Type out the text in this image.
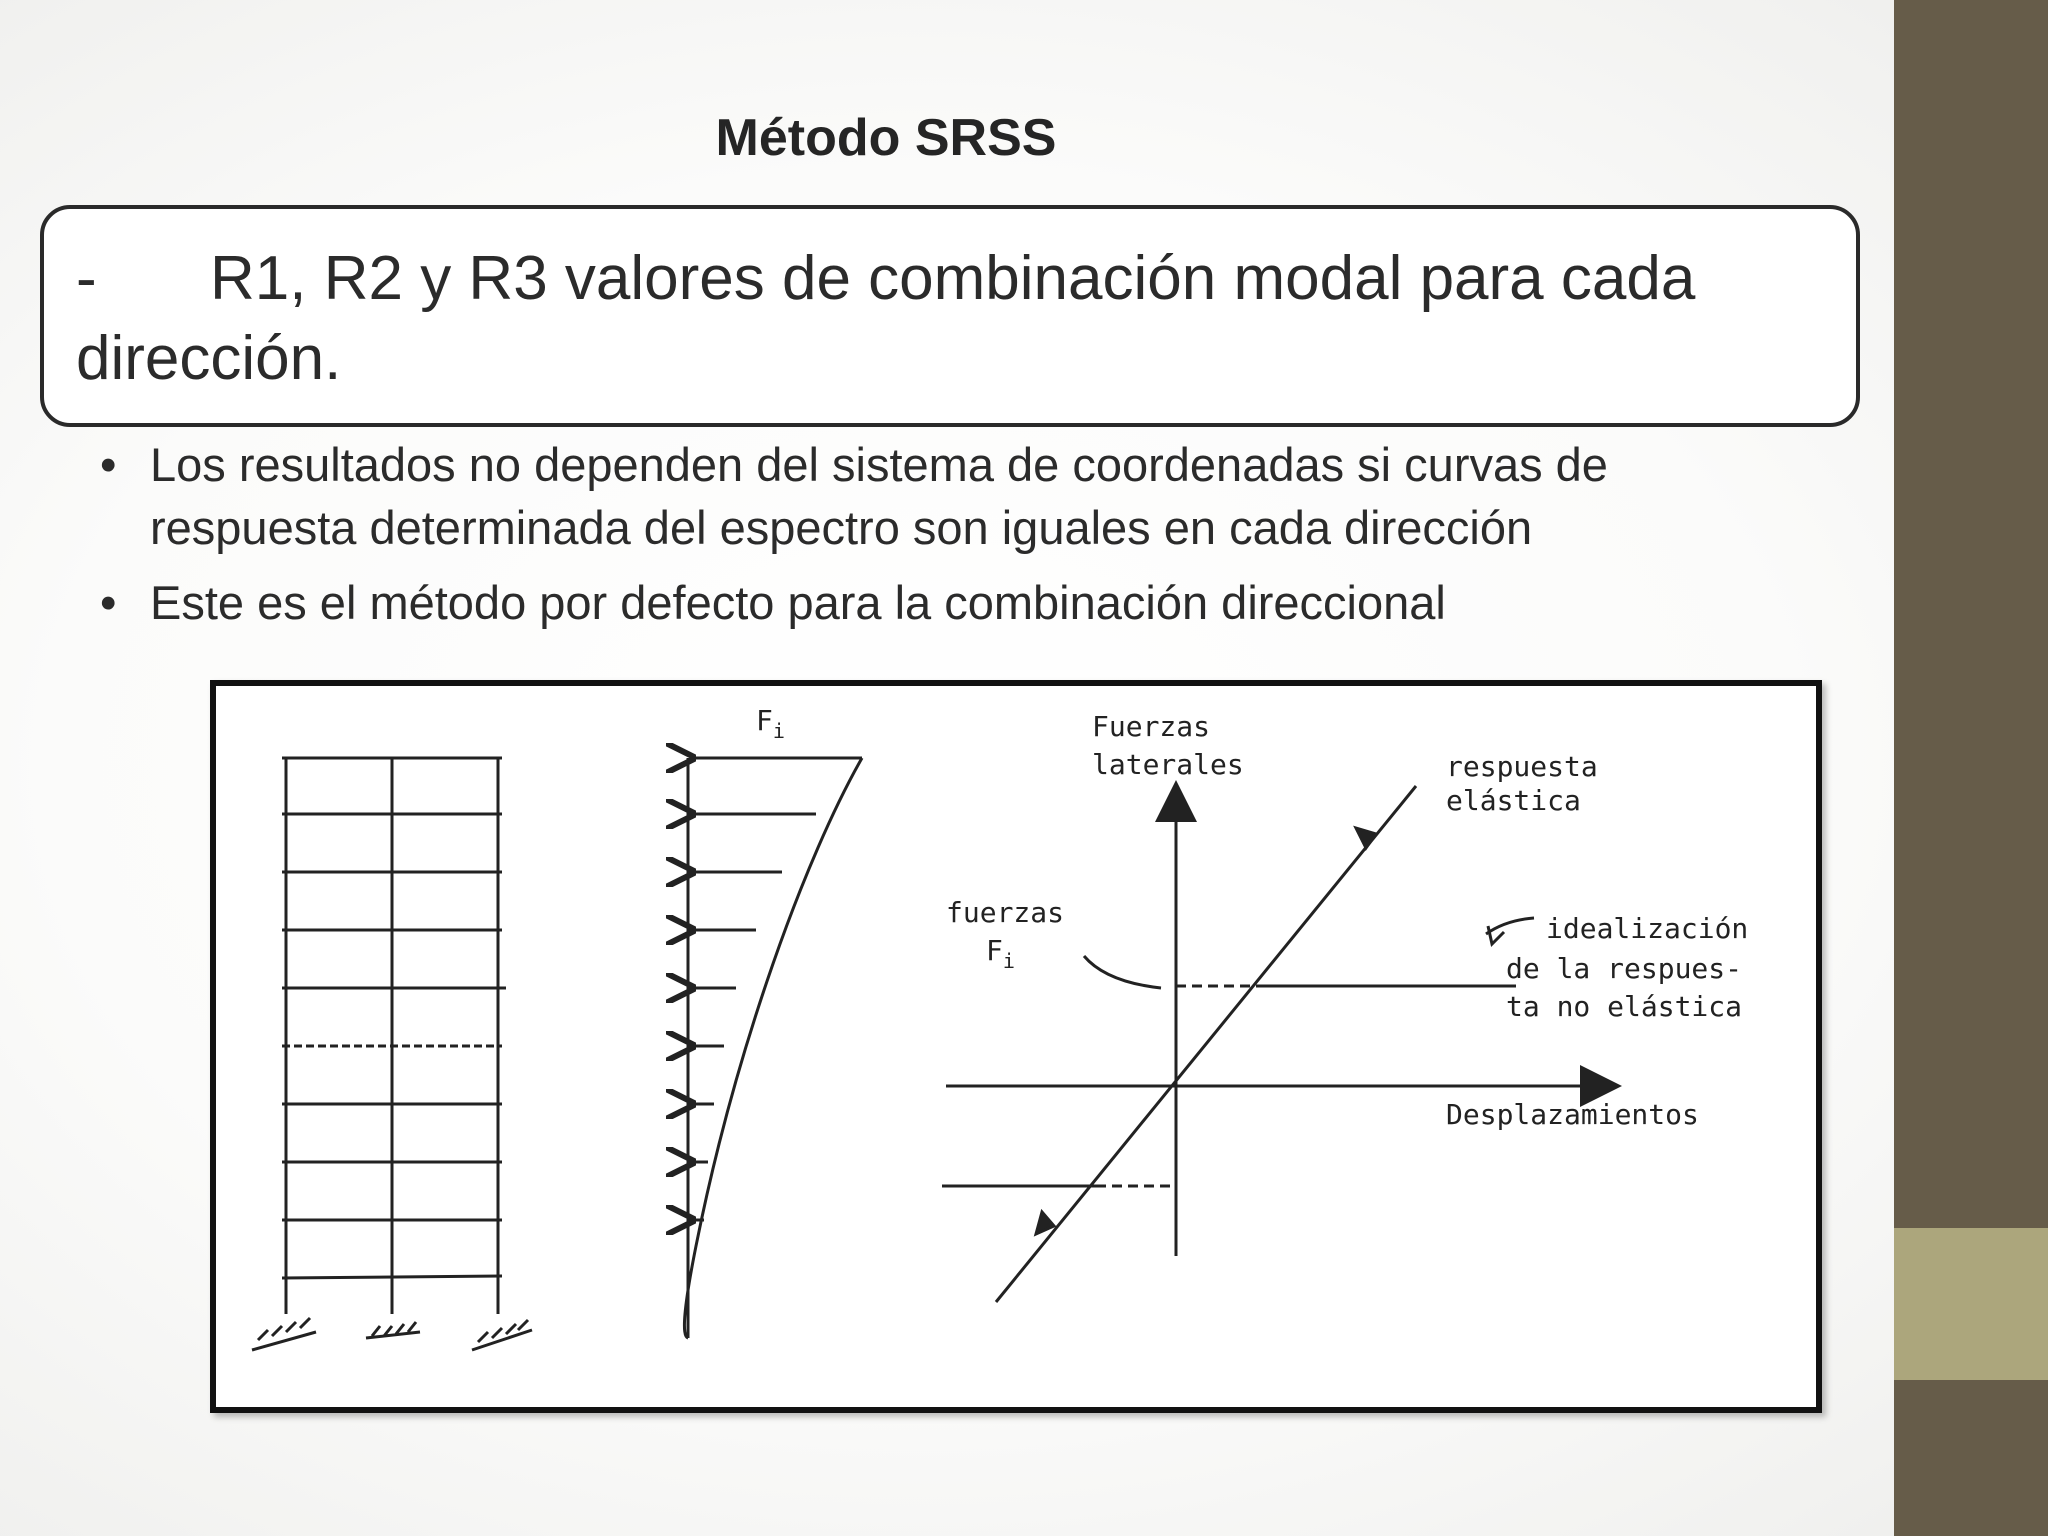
Método SRSS
- R1, R2 y R3 valores de combinación modal para cada dirección.
• Los resultados no dependen del sistema de coordenadas si curvas de respuesta determinada del espectro son iguales en cada dirección
• Este es el método por defecto para la combinación direccional
$F_i$	Fuerzas
laterales	respuesta
elástica
fuerzas
$F_i$
idealización
de la respues-
ta no elástica
Desplazamientos
